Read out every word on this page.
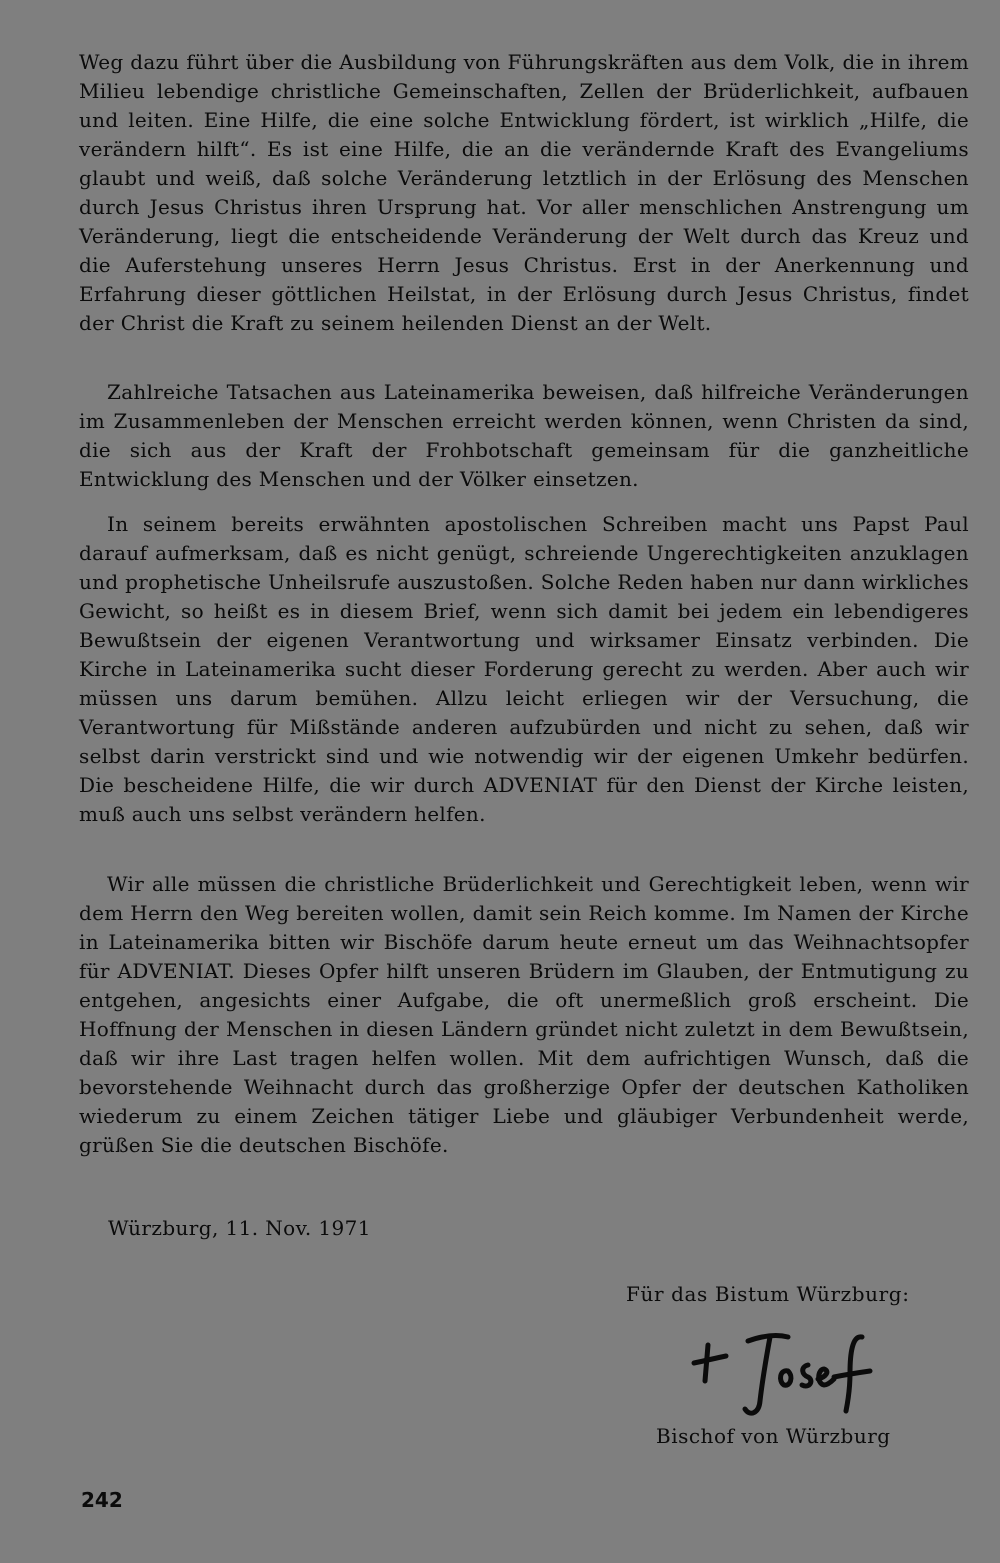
Weg dazu führt über die Ausbildung von Führungskräften aus dem Volk, die in ihrem Milieu lebendige christliche Gemeinschaften, Zellen der Brüderlichkeit, aufbauen und leiten. Eine Hilfe, die eine solche Entwicklung fördert, ist wirklich „Hilfe, die verändern hilft“. Es ist eine Hilfe, die an die verändernde Kraft des Evangeliums glaubt und weiß, daß solche Veränderung letztlich in der Erlösung des Menschen durch Jesus Christus ihren Ursprung hat. Vor aller menschlichen Anstrengung um Veränderung, liegt die entscheidende Veränderung der Welt durch das Kreuz und die Auferstehung unseres Herrn Jesus Christus. Erst in der Anerkennung und Erfahrung dieser göttlichen Heilstat, in der Erlösung durch Jesus Christus, findet der Christ die Kraft zu seinem heilenden Dienst an der Welt.

Zahlreiche Tatsachen aus Lateinamerika beweisen, daß hilfreiche Veränderungen im Zusammenleben der Menschen erreicht werden können, wenn Christen da sind, die sich aus der Kraft der Frohbotschaft gemeinsam für die ganzheitliche Entwicklung des Menschen und der Völker einsetzen.

In seinem bereits erwähnten apostolischen Schreiben macht uns Papst Paul darauf aufmerksam, daß es nicht genügt, schreiende Ungerechtigkeiten anzuklagen und prophetische Unheilsrufe auszustoßen. Solche Reden haben nur dann wirkliches Gewicht, so heißt es in diesem Brief, wenn sich damit bei jedem ein lebendigeres Bewußtsein der eigenen Verantwortung und wirksamer Einsatz verbinden. Die Kirche in Lateinamerika sucht dieser Forderung gerecht zu werden. Aber auch wir müssen uns darum bemühen. Allzu leicht erliegen wir der Versuchung, die Verantwortung für Mißstände anderen aufzubürden und nicht zu sehen, daß wir selbst darin verstrickt sind und wie notwendig wir der eigenen Umkehr bedürfen. Die bescheidene Hilfe, die wir durch ADVENIAT für den Dienst der Kirche leisten, muß auch uns selbst verändern helfen.

Wir alle müssen die christliche Brüderlichkeit und Gerechtigkeit leben, wenn wir dem Herrn den Weg bereiten wollen, damit sein Reich komme. Im Namen der Kirche in Lateinamerika bitten wir Bischöfe darum heute erneut um das Weihnachtsopfer für ADVENIAT. Dieses Opfer hilft unseren Brüdern im Glauben, der Entmutigung zu entgehen, angesichts einer Aufgabe, die oft unermeßlich groß erscheint. Die Hoffnung der Menschen in diesen Ländern gründet nicht zuletzt in dem Bewußtsein, daß wir ihre Last tragen helfen wollen. Mit dem aufrichtigen Wunsch, daß die bevorstehende Weihnacht durch das großherzige Opfer der deutschen Katholiken wiederum zu einem Zeichen tätiger Liebe und gläubiger Verbundenheit werde, grüßen Sie die deutschen Bischöfe.

Würzburg, 11. Nov. 1971
Für das Bistum Würzburg:
Bischof von Würzburg
242
